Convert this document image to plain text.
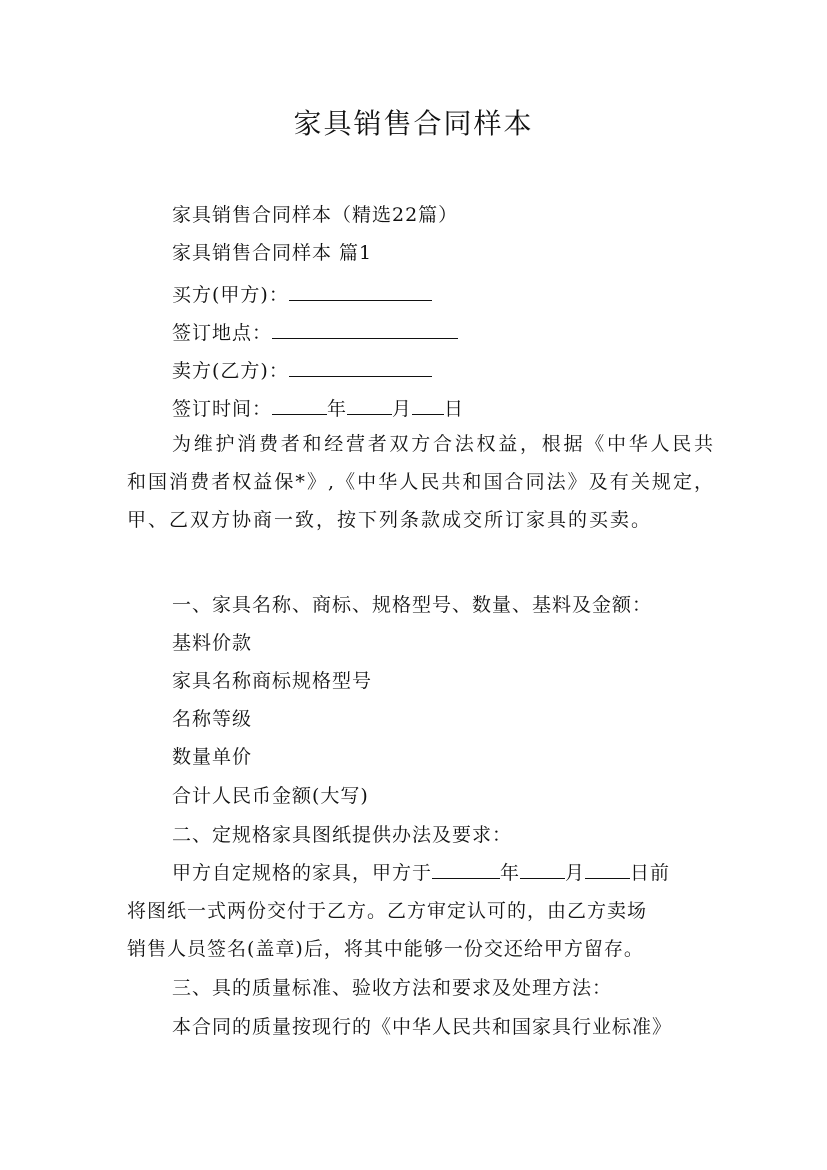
家具销售合同样本
家具销售合同样本（精选22篇）
家具销售合同样本 篇1
买方(甲方)：
签订地点：
卖方(乙方)：
签订时间：	年 月 日
为维护消费者和经营者双方合法权益，根据《中华人民共和国消费者权益保*》,《中华人民共和国合同法》及有关规定，甲、乙双方协商一致，按下列条款成交所订家具的买卖。
一、家具名称、商标、规格型号、数量、基料及金额：
基料价款
家具名称商标规格型号
名称等级
数量单价
合计人民币金额(大写)
二、定规格家具图纸提供办法及要求：
甲方自定规格的家具，甲方于	年 月 日前
将图纸一式两份交付于乙方。乙方审定认可的，由乙方卖场
销售人员签名(盖章)后，将其中能够一份交还给甲方留存。
三、具的质量标准、验收方法和要求及处理方法：
本合同的质量按现行的《中华人民共和国家具行业标准》
